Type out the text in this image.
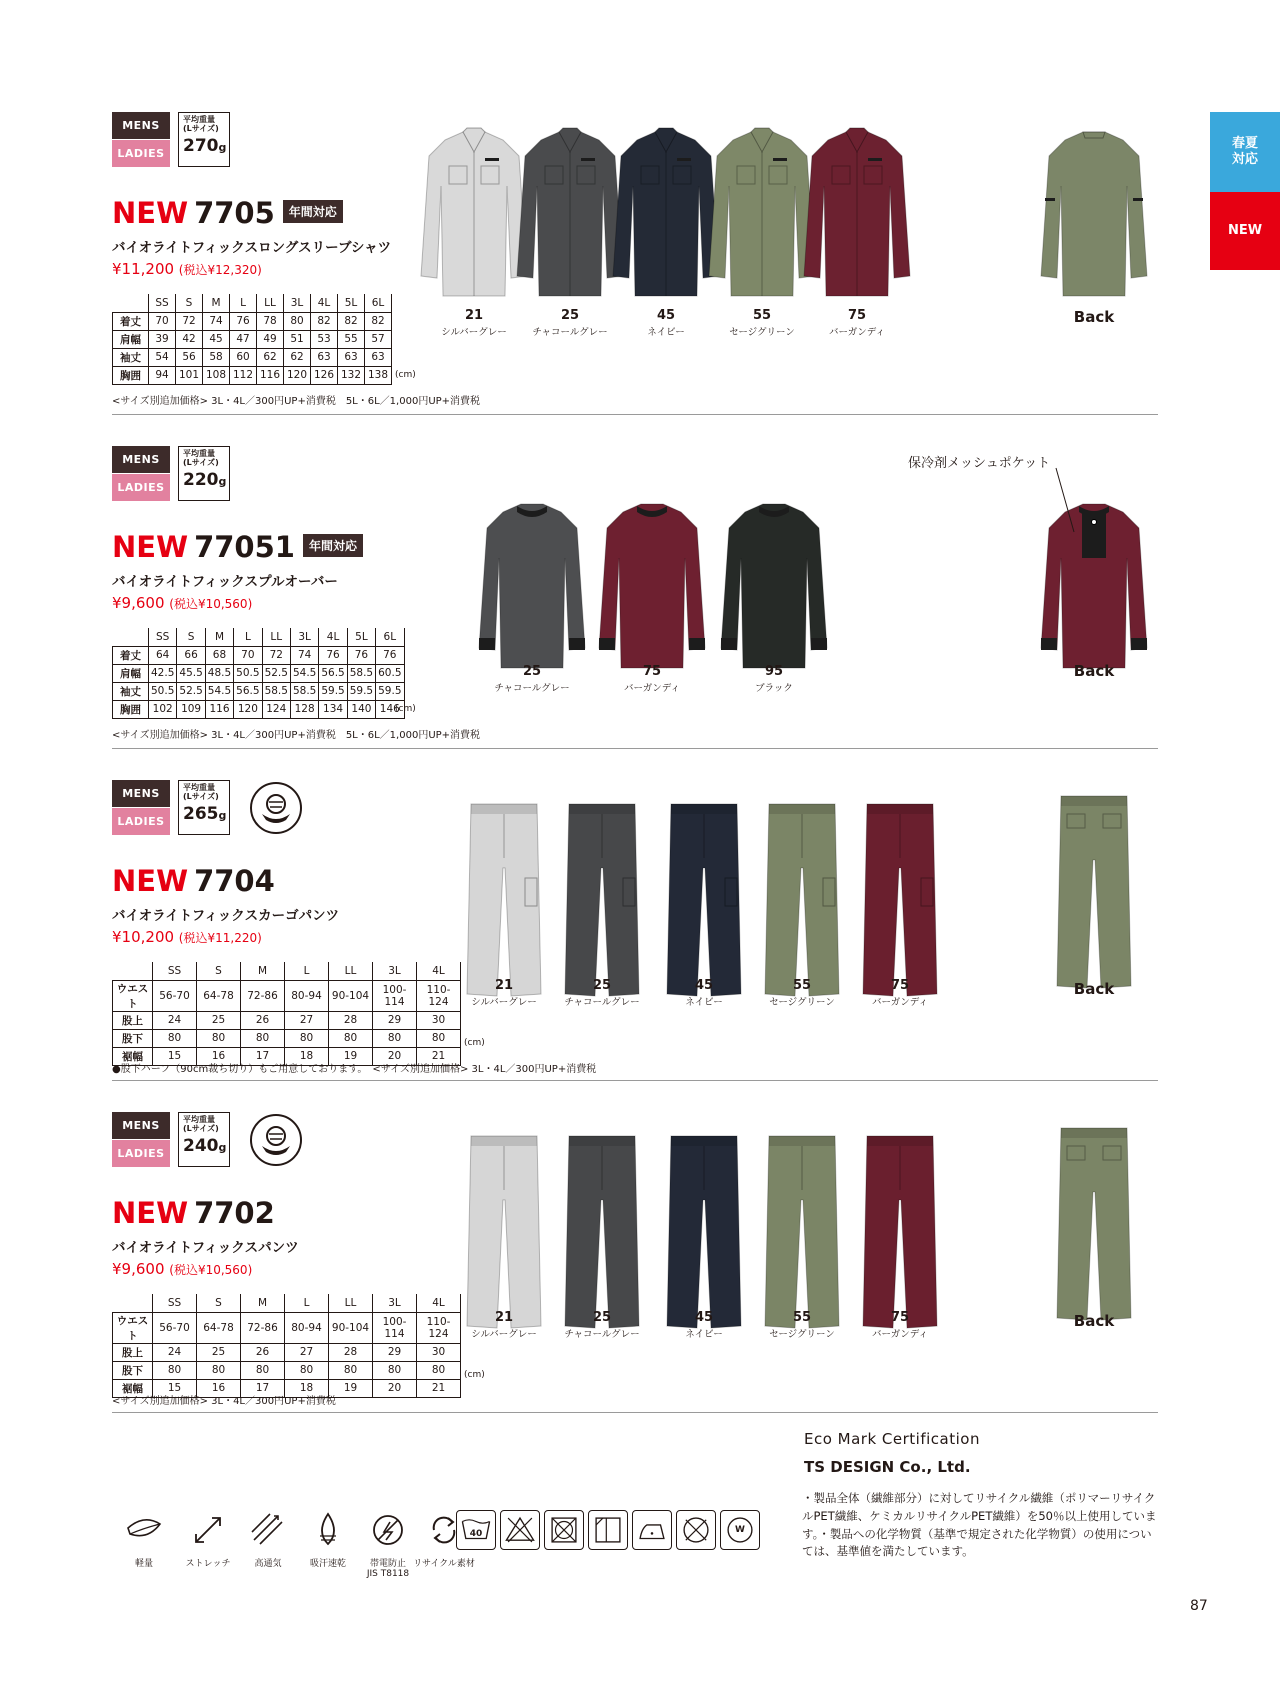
春夏
対応
NEW
MENS
LADIES
平均重量
(Lサイズ)
270g
NEW 7705 年間対応
バイオライトフィックスロングスリーブシャツ
¥11,200 (税込¥12,320)
	SS	S	M	L	LL	3L	4L	5L	6L
着丈	70	72	74	76	78	80	82	82	82
肩幅	39	42	45	47	49	51	53	55	57
袖丈	54	56	58	60	62	62	63	63	63
胸囲	94	101	108	112	116	120	126	132	138 (cm)
<サイズ別追加価格> 3L・4L／300円UP+消費税　5L・6L／1,000円UP+消費税
21
シルバーグレー
25
チャコールグレー
45
ネイビー
55
セージグリーン
75
バーガンディ
Back
MENS
LADIES
平均重量
(Lサイズ)
220g
NEW 77051 年間対応
バイオライトフィックスプルオーバー
¥9,600 (税込¥10,560)
	SS	S	M	L	LL	3L	4L	5L	6L
着丈	64	66	68	70	72	74	76	76	76
肩幅	42.5	45.5	48.5	50.5	52.5	54.5	56.5	58.5	60.5
袖丈	50.5	52.5	54.5	56.5	58.5	58.5	59.5	59.5	59.5
胸囲	102	109	116	120	124	128	134	140	146
(cm)
<サイズ別追加価格> 3L・4L／300円UP+消費税　5L・6L／1,000円UP+消費税
25
チャコールグレー
75
バーガンディ
95
ブラック
Back
保冷剤メッシュポケット
MENS
LADIES
平均重量
(Lサイズ)
265g
NEW 7704
バイオライトフィックスカーゴパンツ
¥10,200 (税込¥11,220)
	SS	S	M	L	LL	3L	4L
ウエスト	56-70	64-78	72-86	80-94	90-104	100-114	110-124
股上	24	25	26	27	28	29	30
股下	80	80	80	80	80	80	80
裾幅	15	16	17	18	19	20	21
(cm)
●股下ハーフ（90cm裁ち切り）もご用意しております。　<サイズ別追加価格> 3L・4L／300円UP+消費税
21
シルバーグレー
25
チャコールグレー
45
ネイビー
55
セージグリーン
75
バーガンディ
Back
MENS
LADIES
平均重量
(Lサイズ)
240g
NEW 7702
バイオライトフィックスパンツ
¥9,600 (税込¥10,560)
	SS	S	M	L	LL	3L	4L
ウエスト	56-70	64-78	72-86	80-94	90-104	100-114	110-124
股上	24	25	26	27	28	29	30
股下	80	80	80	80	80	80	80
裾幅	15	16	17	18	19	20	21
(cm)
<サイズ別追加価格> 3L・4L／300円UP+消費税
21
シルバーグレー
25
チャコールグレー
45
ネイビー
55
セージグリーン
75
バーガンディ
Back
軽量	ストレッチ	高通気	吸汗速乾	帯電防止
JIS T8118
リサイクル素材
40	W
Eco Mark Certification
TS DESIGN Co., Ltd.
・製品全体（繊維部分）に対してリサイクル繊維（ポリマーリサイクルPET繊維、ケミカルリサイクルPET繊維）を50％以上使用しています。・製品への化学物質（基準で規定された化学物質）の使用については、基準値を満たしています。
87
